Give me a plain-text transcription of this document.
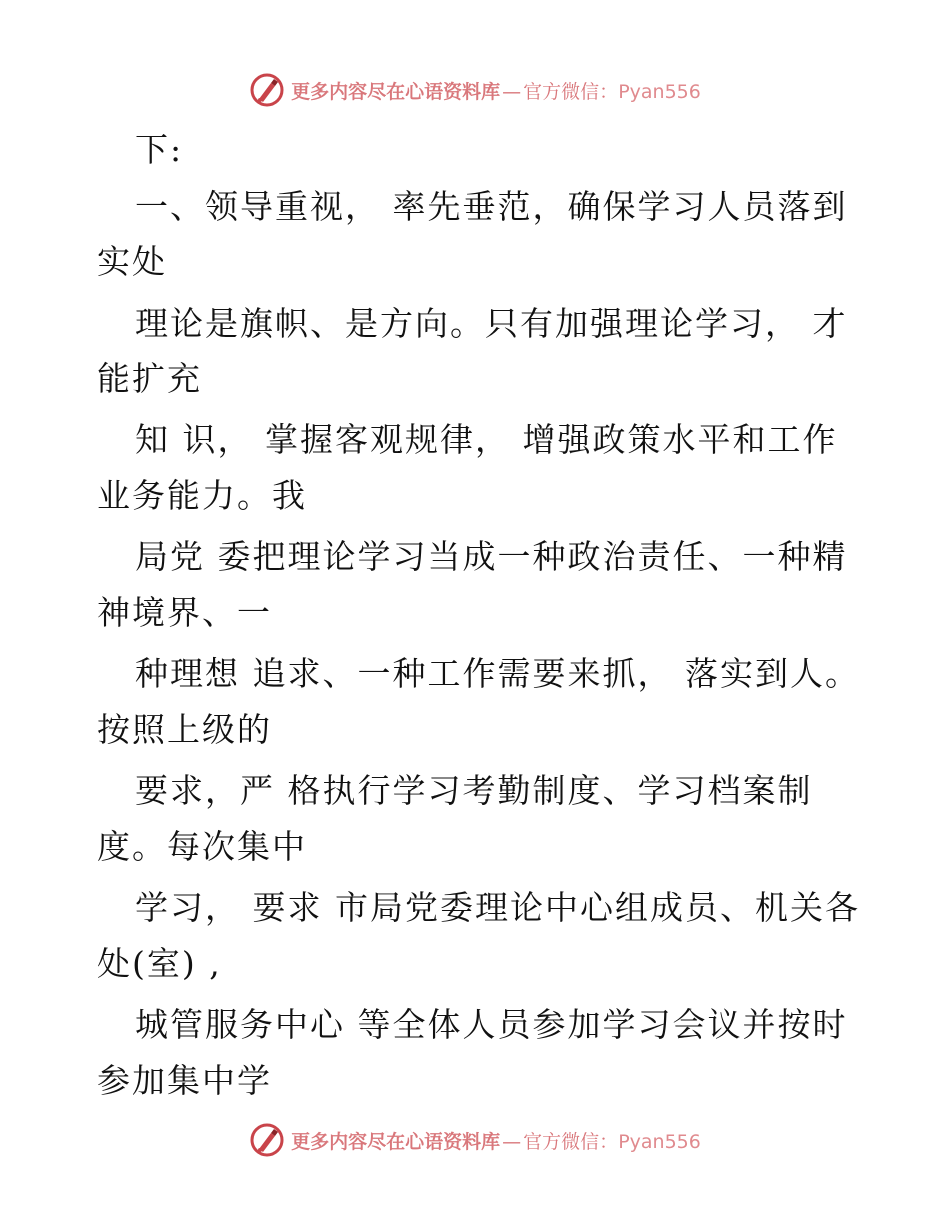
更多内容尽在心语资料库 — 官方微信：Pyan556
下:
一、领导重视， 率先垂范，确保学习人员落到
实处
理论是旗帜、是方向。只有加强理论学习， 才
能扩充
知 识， 掌握客观规律， 增强政策水平和工作
业务能力。我
局党 委把理论学习当成一种政治责任、一种精
神境界、一
种理想 追求、一种工作需要来抓， 落实到人。
按照上级的
要求，严 格执行学习考勤制度、学习档案制
度。每次集中
学习， 要求 市局党委理论中心组成员、机关各
处(室) ,
城管服务中心 等全体人员参加学习会议并按时
参加集中学
更多内容尽在心语资料库 — 官方微信：Pyan556
